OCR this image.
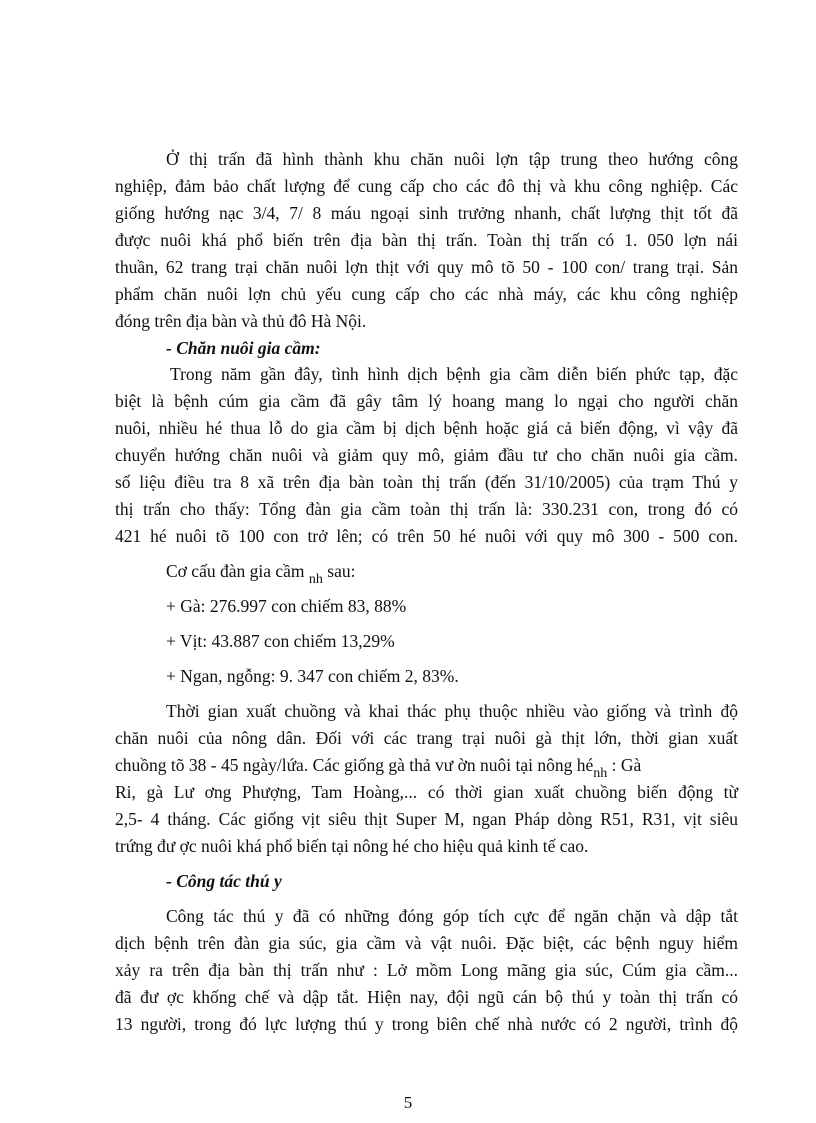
Ở thị trấn đã hình thành khu chăn nuôi lợn tập trung theo hướng công
nghiệp, đảm bảo chất lượng để cung cấp cho các đô thị và khu công nghiệp. Các
giống hướng nạc 3/4, 7/ 8 máu ngoại sinh trưởng nhanh, chất lượng thịt tốt đã
được nuôi khá phổ biến trên địa bàn thị trấn. Toàn thị trấn có 1. 050 lợn nái
thuần, 62 trang trại chăn nuôi lợn thịt với quy mô tõ 50 - 100 con/ trang trại. Sản
phẩm chăn nuôi lợn chủ yếu cung cấp cho các nhà máy, các khu công nghiệp
đóng trên địa bàn và thủ đô Hà Nội.
- Chăn nuôi gia cầm:
Trong năm gần đây, tình hình dịch bệnh gia cầm diễn biến phức tạp, đặc
biệt là bệnh cúm gia cầm đã gây tâm lý hoang mang lo ngại cho người chăn
nuôi, nhiều hé thua lỗ do gia cầm bị dịch bệnh hoặc giá cả biến động, vì vậy đã
chuyển hướng chăn nuôi và giảm quy mô, giảm đầu tư cho chăn nuôi gia cầm.
số liệu điều tra 8 xã trên địa bàn toàn thị trấn (đến 31/10/2005) của trạm Thú y
thị trấn cho thấy: Tổng đàn gia cầm toàn thị trấn là: 330.231 con, trong đó có
421 hé nuôi tõ 100 con trở lên; có trên 50 hé nuôi với quy mô 300 - 500 con.
Cơ cấu đàn gia cầm $_{nh}$ sau:
+ Gà: 276.997 con chiếm 83, 88%
+ Vịt: 43.887 con chiếm 13,29%
+ Ngan, ngỗng: 9. 347 con chiếm 2, 83%.
Thời gian xuất chuồng và khai thác phụ thuộc nhiều vào giống và trình độ
chăn nuôi của nông dân. Đối với các trang trại nuôi gà thịt lớn, thời gian xuất
chuồng tõ 38 - 45 ngày/lứa. Các giống gà thả vư ờn nuôi tại nông $hé_{nh}$ : Gà
Ri, gà Lư ơng Phượng, Tam Hoàng,... có thời gian xuất chuồng biến động từ
2,5- 4 tháng. Các giống vịt siêu thịt Super M, ngan Pháp dòng R51, R31, vịt siêu
trứng đư ợc nuôi khá phổ biến tại nông hé cho hiệu quả kinh tế cao.
- Công tác thú y
Công tác thú y đã có những đóng góp tích cực để ngăn chặn và dập tắt
dịch bệnh trên đàn gia súc, gia cầm và vật nuôi. Đặc biệt, các bệnh nguy hiểm
xảy ra trên địa bàn thị trấn như : Lở mồm Long mãng gia súc, Cúm gia cầm...
đã đư ợc khống chế và dập tắt. Hiện nay, đội ngũ cán bộ thú y toàn thị trấn có
13 người, trong đó lực lượng thú y trong biên chế nhà nước có 2 người, trình độ
5
